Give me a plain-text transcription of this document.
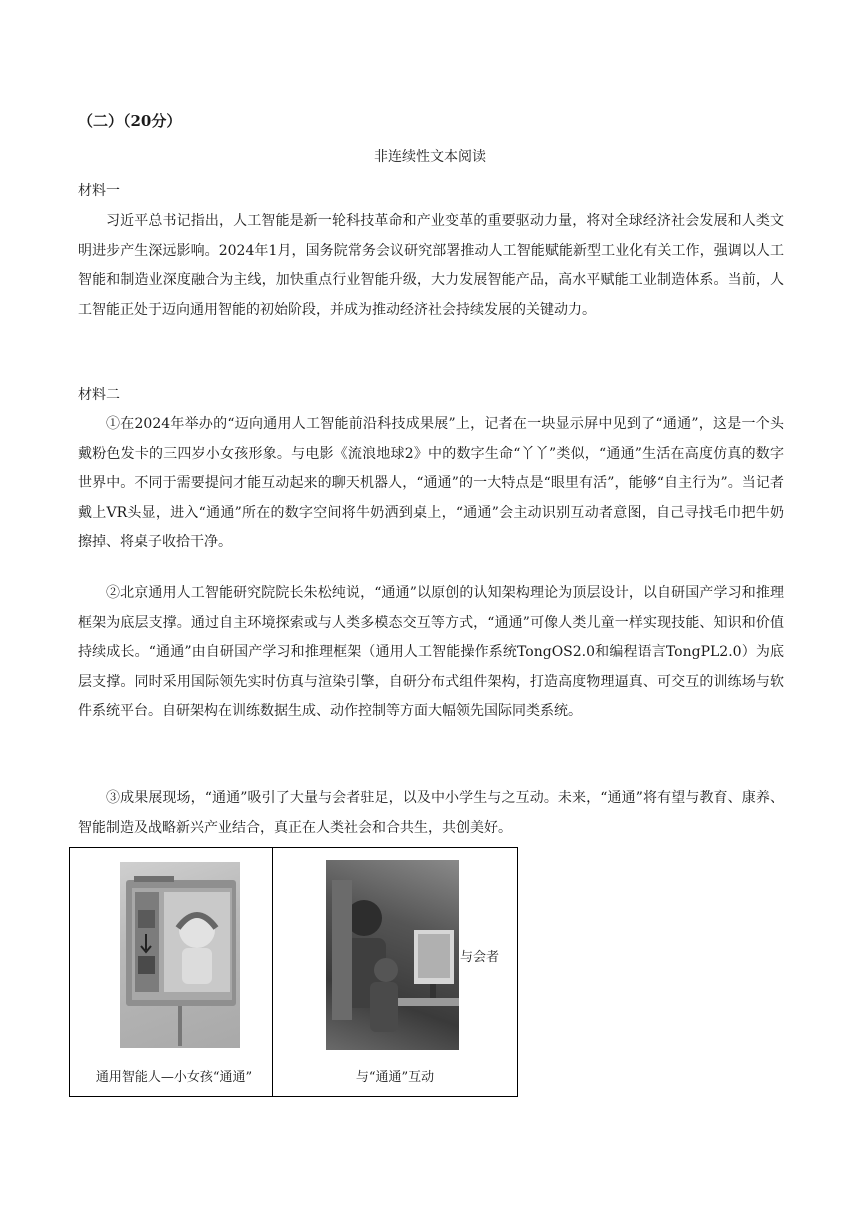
（二）（20分）
非连续性文本阅读
材料一

习近平总书记指出，人工智能是新一轮科技革命和产业变革的重要驱动力量，将对全球经济社会发展和人类文明进步产生深远影响。2024年1月，国务院常务会议研究部署推动人工智能赋能新型工业化有关工作，强调以人工智能和制造业深度融合为主线，加快重点行业智能升级，大力发展智能产品，高水平赋能工业制造体系。当前，人工智能正处于迈向通用智能的初始阶段，并成为推动经济社会持续发展的关键动力。

材料二

①在2024年举办的“迈向通用人工智能前沿科技成果展”上，记者在一块显示屏中见到了“通通”，这是一个头戴粉色发卡的三四岁小女孩形象。与电影《流浪地球2》中的数字生命“丫丫”类似，“通通”生活在高度仿真的数字世界中。不同于需要提问才能互动起来的聊天机器人，“通通”的一大特点是“眼里有活”，能够“自主行为”。当记者戴上VR头显，进入“通通”所在的数字空间将牛奶洒到桌上，“通通”会主动识别互动者意图，自己寻找毛巾把牛奶擦掉、将桌子收拾干净。

②北京通用人工智能研究院院长朱松纯说，“通通”以原创的认知架构理论为顶层设计，以自研国产学习和推理框架为底层支撑。通过自主环境探索或与人类多模态交互等方式，“通通”可像人类儿童一样实现技能、知识和价值持续成长。“通通”由自研国产学习和推理框架（通用人工智能操作系统TongOS2.0和编程语言TongPL2.0）为底层支撑。同时采用国际领先实时仿真与渲染引擎，自研分布式组件架构，打造高度物理逼真、可交互的训练场与软件系统平台。自研架构在训练数据生成、动作控制等方面大幅领先国际同类系统。

③成果展现场，“通通”吸引了大量与会者驻足，以及中小学生与之互动。未来，“通通”将有望与教育、康养、智能制造及战略新兴产业结合，真正在人类社会和合共生，共创美好。

与会者
通用智能人—小女孩“通通”	与“通通”互动
